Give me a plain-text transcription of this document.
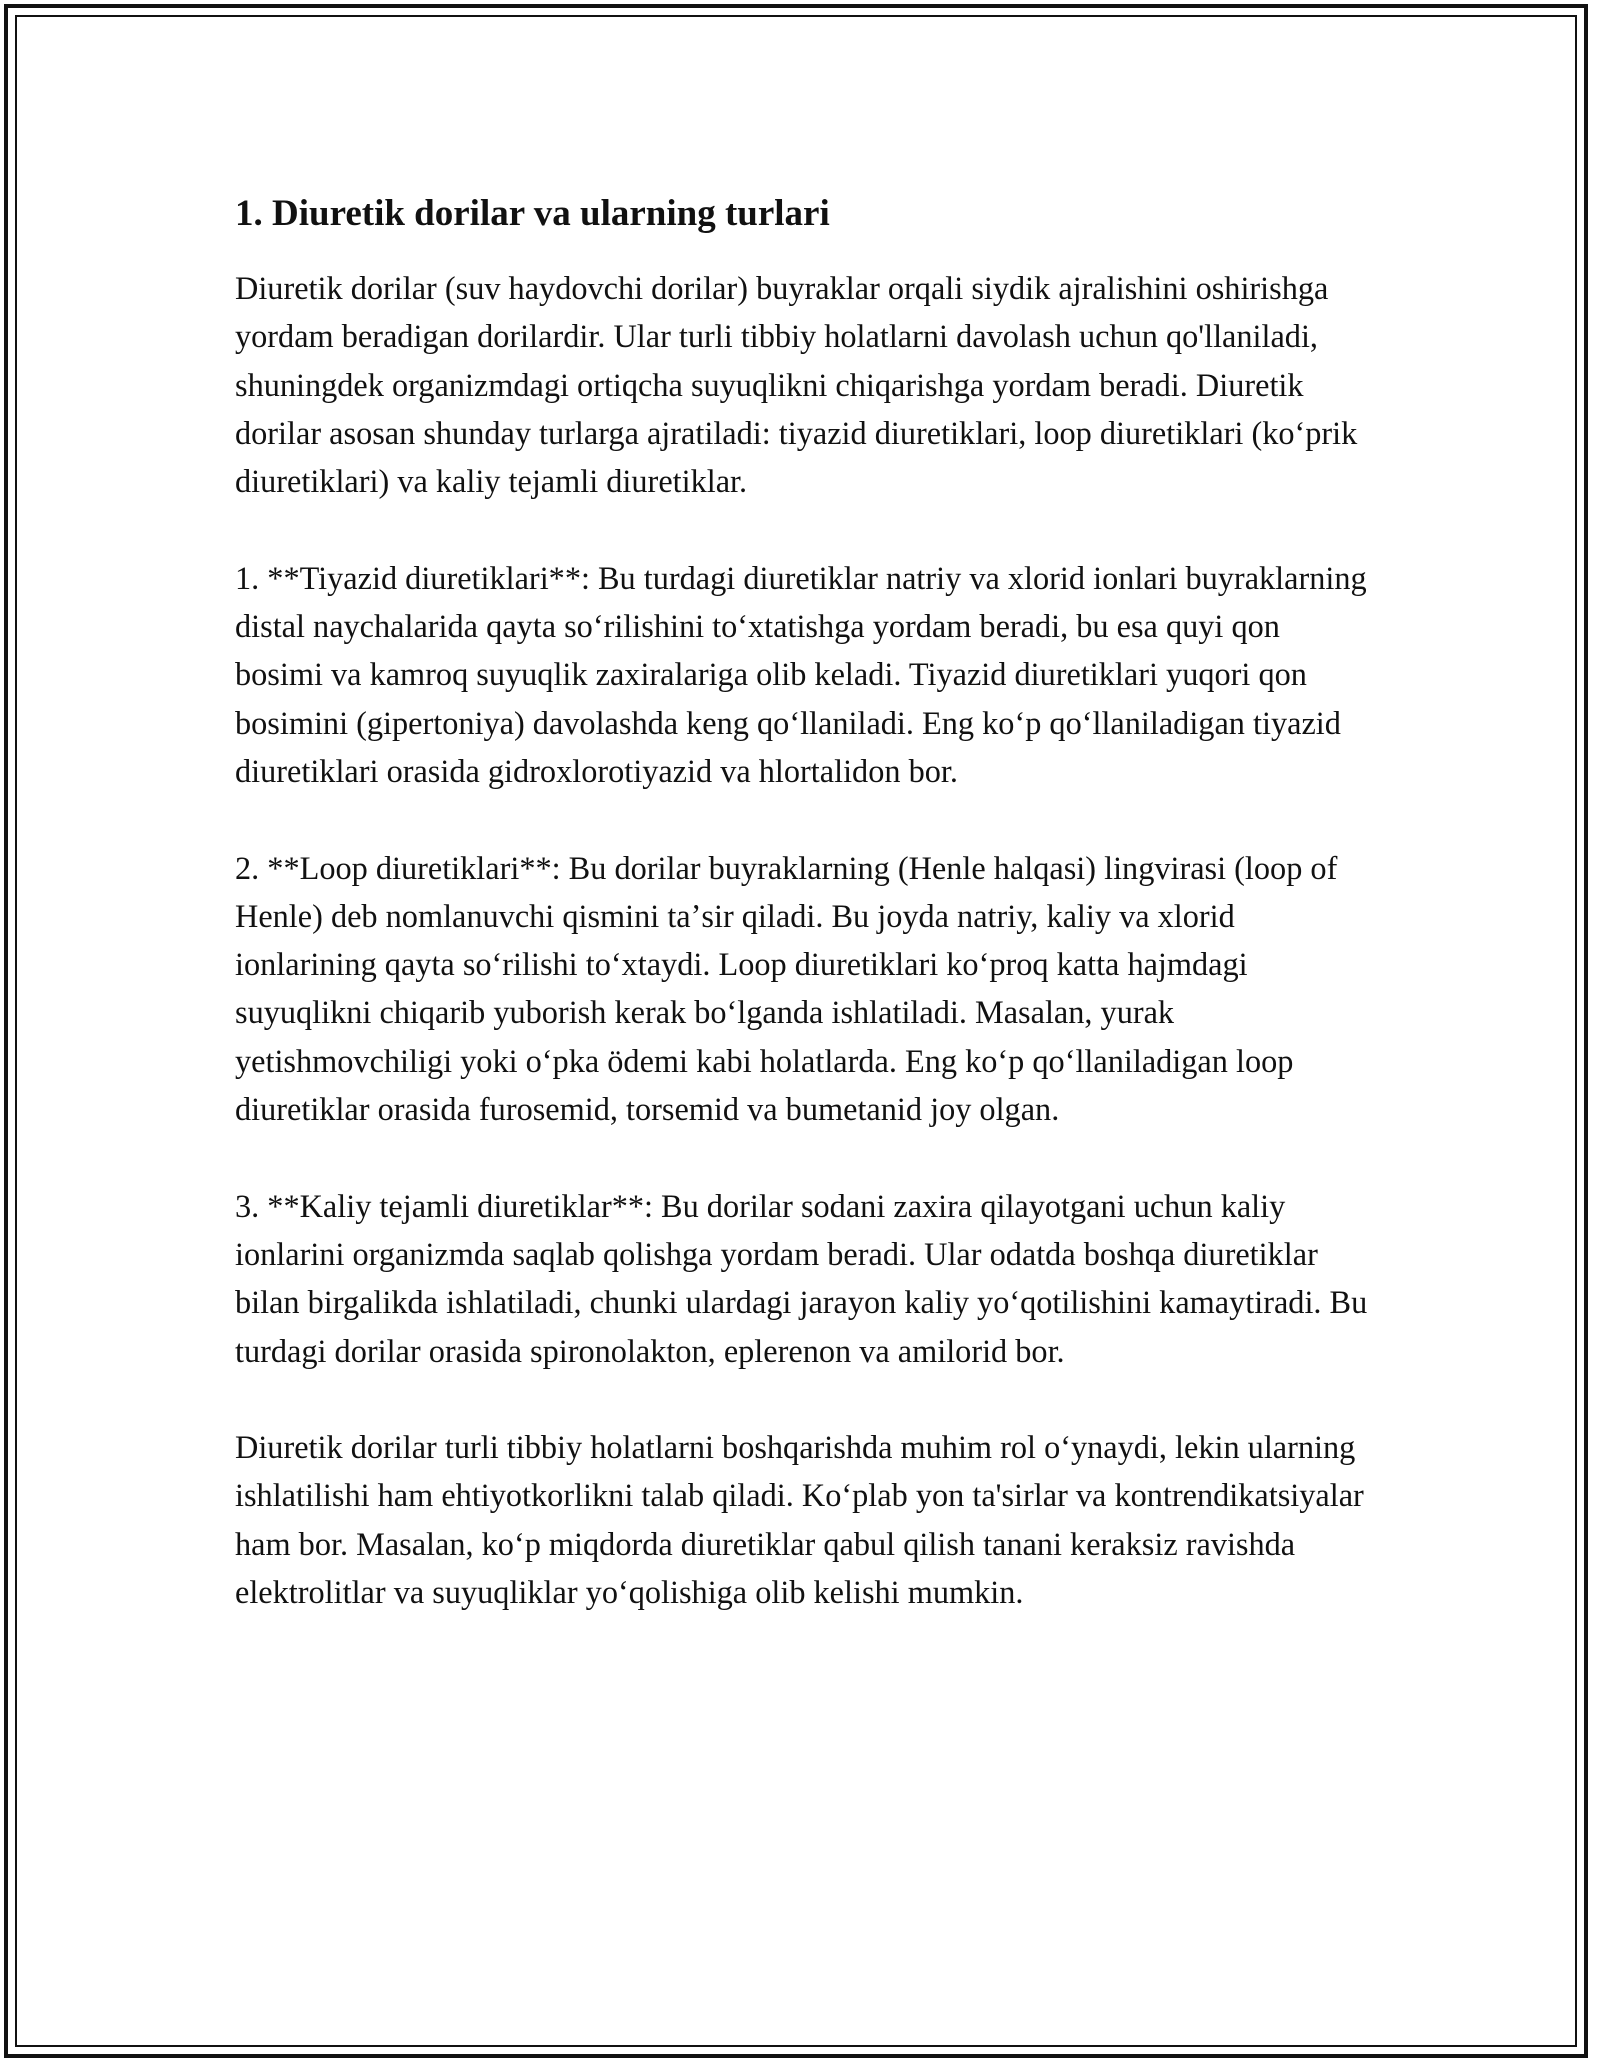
1. Diuretik dorilar va ularning turlari

Diuretik dorilar (suv haydovchi dorilar) buyraklar orqali siydik ajralishini oshirishga yordam beradigan dorilardir. Ular turli tibbiy holatlarni davolash uchun qo'llaniladi, shuningdek organizmdagi ortiqcha suyuqlikni chiqarishga yordam beradi. Diuretik dorilar asosan shunday turlarga ajratiladi: tiyazid diuretiklari, loop diuretiklari (koʻprik diuretiklari) va kaliy tejamli diuretiklar.

1. **Tiyazid diuretiklari**: Bu turdagi diuretiklar natriy va xlorid ionlari buyraklarning distal naychalarida qayta soʻrilishini toʻxtatishga yordam beradi, bu esa quyi qon bosimi va kamroq suyuqlik zaxiralariga olib keladi. Tiyazid diuretiklari yuqori qon bosimini (gipertoniya) davolashda keng qoʻllaniladi. Eng koʻp qoʻllaniladigan tiyazid diuretiklari orasida gidroxlorotiyazid va hlortalidon bor.

2. **Loop diuretiklari**: Bu dorilar buyraklarning (Henle halqasi) lingvirasi (loop of Henle) deb nomlanuvchi qismini taʼsir qiladi. Bu joyda natriy, kaliy va xlorid ionlarining qayta soʻrilishi toʻxtaydi. Loop diuretiklari koʻproq katta hajmdagi suyuqlikni chiqarib yuborish kerak boʻlganda ishlatiladi. Masalan, yurak yetishmovchiligi yoki oʻpka ödemi kabi holatlarda. Eng koʻp qoʻllaniladigan loop diuretiklar orasida furosemid, torsemid va bumetanid joy olgan.

3. **Kaliy tejamli diuretiklar**: Bu dorilar sodani zaxira qilayotgani uchun kaliy ionlarini organizmda saqlab qolishga yordam beradi. Ular odatda boshqa diuretiklar bilan birgalikda ishlatiladi, chunki ulardagi jarayon kaliy yoʻqotilishini kamaytiradi. Bu turdagi dorilar orasida spironolakton, eplerenon va amilorid bor.

Diuretik dorilar turli tibbiy holatlarni boshqarishda muhim rol oʻynaydi, lekin ularning ishlatilishi ham ehtiyotkorlikni talab qiladi. Koʻplab yon ta'sirlar va kontrendikatsiyalar ham bor. Masalan, koʻp miqdorda diuretiklar qabul qilish tanani keraksiz ravishda elektrolitlar va suyuqliklar yoʻqolishiga olib kelishi mumkin.
